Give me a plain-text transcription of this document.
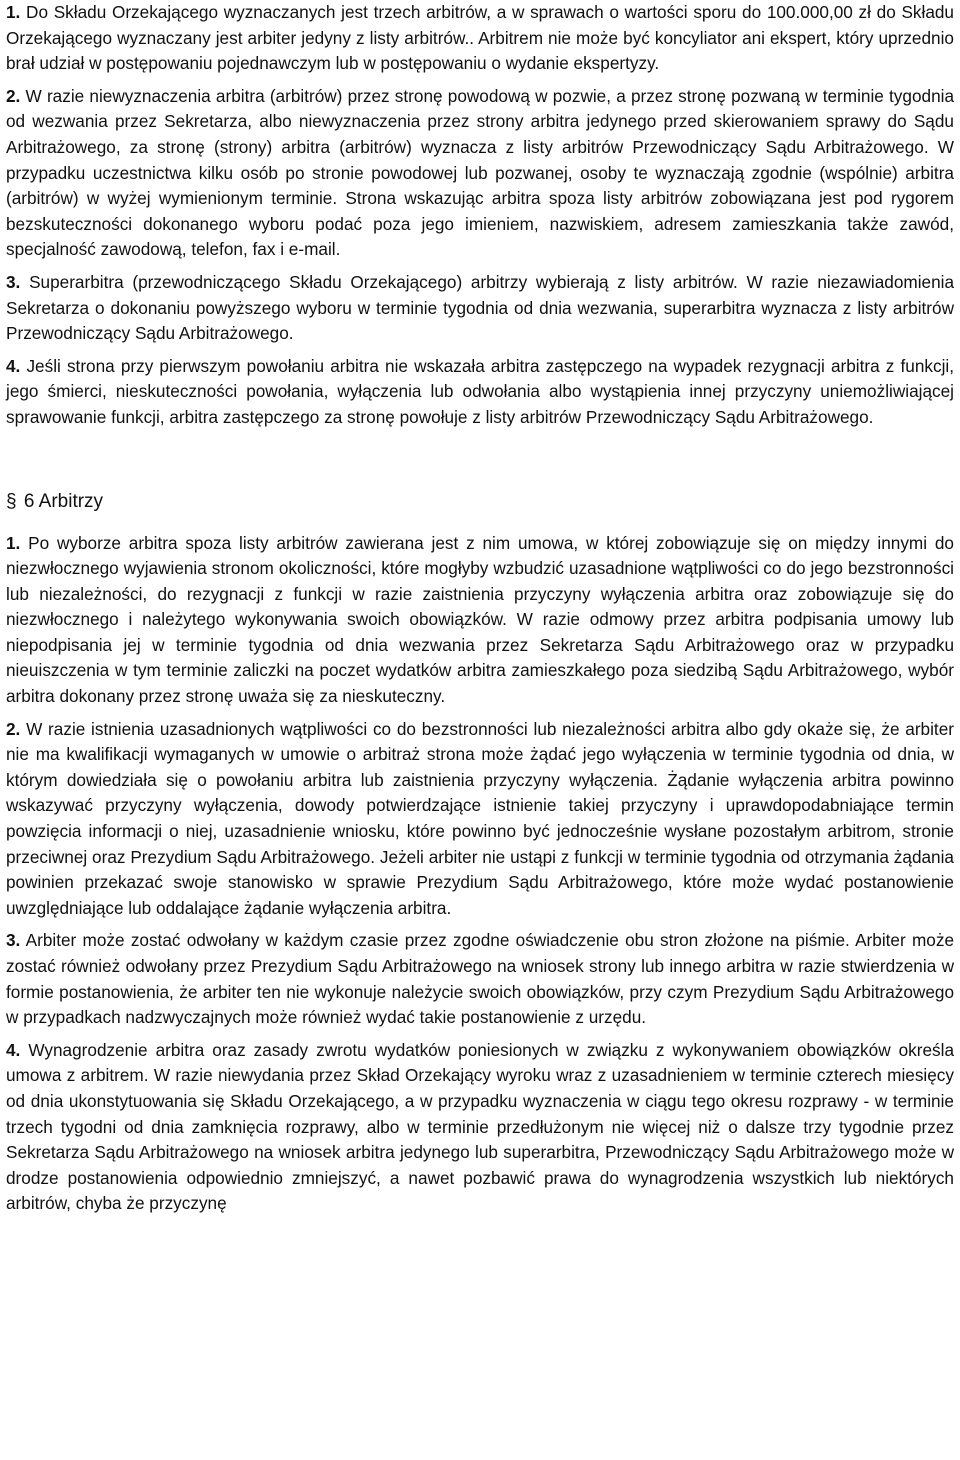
1. Do Składu Orzekającego wyznaczanych jest trzech arbitrów, a w sprawach o wartości sporu do 100.000,00 zł do Składu Orzekającego wyznaczany jest arbiter jedyny z listy arbitrów.. Arbitrem nie może być koncyliator ani ekspert, który uprzednio brał udział w postępowaniu pojednawczym lub w postępowaniu o wydanie ekspertyzy.

2. W razie niewyznaczenia arbitra (arbitrów) przez stronę powodową w pozwie, a przez stronę pozwaną w terminie tygodnia od wezwania przez Sekretarza, albo niewyznaczenia przez strony arbitra jedynego przed skierowaniem sprawy do Sądu Arbitrażowego, za stronę (strony) arbitra (arbitrów) wyznacza z listy arbitrów Przewodniczący Sądu Arbitrażowego. W przypadku uczestnictwa kilku osób po stronie powodowej lub pozwanej, osoby te wyznaczają zgodnie (wspólnie) arbitra (arbitrów) w wyżej wymienionym terminie. Strona wskazując arbitra spoza listy arbitrów zobowiązana jest pod rygorem bezskuteczności dokonanego wyboru podać poza jego imieniem, nazwiskiem, adresem zamieszkania także zawód, specjalność zawodową, telefon, fax i e-mail.

3. Superarbitra (przewodniczącego Składu Orzekającego) arbitrzy wybierają z listy arbitrów. W razie niezawiadomienia Sekretarza o dokonaniu powyższego wyboru w terminie tygodnia od dnia wezwania, superarbitra wyznacza z listy arbitrów Przewodniczący Sądu Arbitrażowego.

4. Jeśli strona przy pierwszym powołaniu arbitra nie wskazała arbitra zastępczego na wypadek rezygnacji arbitra z funkcji, jego śmierci, nieskuteczności powołania, wyłączenia lub odwołania albo wystąpienia innej przyczyny uniemożliwiającej sprawowanie funkcji, arbitra zastępczego za stronę powołuje z listy arbitrów Przewodniczący Sądu Arbitrażowego.

§ 6 Arbitrzy

1. Po wyborze arbitra spoza listy arbitrów zawierana jest z nim umowa, w której zobowiązuje się on między innymi do niezwłocznego wyjawienia stronom okoliczności, które mogłyby wzbudzić uzasadnione wątpliwości co do jego bezstronności lub niezależności, do rezygnacji z funkcji w razie zaistnienia przyczyny wyłączenia arbitra oraz zobowiązuje się do niezwłocznego i należytego wykonywania swoich obowiązków. W razie odmowy przez arbitra podpisania umowy lub niepodpisania jej w terminie tygodnia od dnia wezwania przez Sekretarza Sądu Arbitrażowego oraz w przypadku nieuiszczenia w tym terminie zaliczki na poczet wydatków arbitra zamieszkałego poza siedzibą Sądu Arbitrażowego, wybór arbitra dokonany przez stronę uważa się za nieskuteczny.

2. W razie istnienia uzasadnionych wątpliwości co do bezstronności lub niezależności arbitra albo gdy okaże się, że arbiter nie ma kwalifikacji wymaganych w umowie o arbitraż strona może żądać jego wyłączenia w terminie tygodnia od dnia, w którym dowiedziała się o powołaniu arbitra lub zaistnienia przyczyny wyłączenia. Żądanie wyłączenia arbitra powinno wskazywać przyczyny wyłączenia, dowody potwierdzające istnienie takiej przyczyny i uprawdopodabniające termin powzięcia informacji o niej, uzasadnienie wniosku, które powinno być jednocześnie wysłane pozostałym arbitrom, stronie przeciwnej oraz Prezydium Sądu Arbitrażowego. Jeżeli arbiter nie ustąpi z funkcji w terminie tygodnia od otrzymania żądania powinien przekazać swoje stanowisko w sprawie Prezydium Sądu Arbitrażowego, które może wydać postanowienie uwzględniające lub oddalające żądanie wyłączenia arbitra.

3. Arbiter może zostać odwołany w każdym czasie przez zgodne oświadczenie obu stron złożone na piśmie. Arbiter może zostać również odwołany przez Prezydium Sądu Arbitrażowego na wniosek strony lub innego arbitra w razie stwierdzenia w formie postanowienia, że arbiter ten nie wykonuje należycie swoich obowiązków, przy czym Prezydium Sądu Arbitrażowego w przypadkach nadzwyczajnych może również wydać takie postanowienie z urzędu.

4. Wynagrodzenie arbitra oraz zasady zwrotu wydatków poniesionych w związku z wykonywaniem obowiązków określa umowa z arbitrem. W razie niewydania przez Skład Orzekający wyroku wraz z uzasadnieniem w terminie czterech miesięcy od dnia ukonstytuowania się Składu Orzekającego, a w przypadku wyznaczenia w ciągu tego okresu rozprawy - w terminie trzech tygodni od dnia zamknięcia rozprawy, albo w terminie przedłużonym nie więcej niż o dalsze trzy tygodnie przez Sekretarza Sądu Arbitrażowego na wniosek arbitra jedynego lub superarbitra, Przewodniczący Sądu Arbitrażowego może w drodze postanowienia odpowiednio zmniejszyć, a nawet pozbawić prawa do wynagrodzenia wszystkich lub niektórych arbitrów, chyba że przyczynę
